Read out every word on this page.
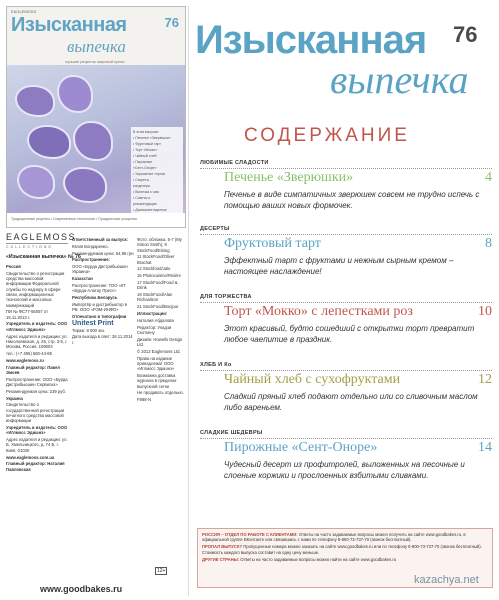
EAGLEMOSS
Изысканная	76
выпечка
лучшие рецепты мировой кухни
В этом выпуске:
• Печенье «Зверюшки»
• Фруктовый тарт
• Торт «Мокко»
• Чайный хлеб
• Пирожные
«Сент-Оноре»
• Украшение тортов
• Секреты
кондитера
• Выпечка к чаю
• Советы и
рекомендации
• Домашнее варенье
Традиционные рецепты • Современные технологии • Праздничные угощения
EAGLEMOSS
COLLECTIONS
«Изысканная выпечка» № 76

Россия

Свидетельство о регистрации средства массовой информации Федеральной службы по надзору в сфере связи, информационных технологий и массовых коммуникаций

ПИ № ФС77-56057 от 15.11.2013 г.

Учредитель и издатель: ООО «Иглмосс Эдишнз»

Адрес издателя и редакции: ул. Николоямская, д. 26, стр. 3-5, г. Москва, Россия, 109004

тел.: (+7 495) 660-44-85

www.eaglemoss.ru

Главный редактор: Павел Эмоев

Распространение: ООО «Бурда Дистрибьюшен Сервисиз»

Рекомендуемая цена: 239 руб.

Украина

Свидетельство о государственной регистрации печатного средства массовой информации

Учредитель и издатель: ООО «Иглмосс Эдишнз»

Адрес издателя и редакции: ул. Б. Хмельницкого, д. 74 Б, г. Киев, 01030

www.eaglemoss.com.ua

Главный редактор: Наталия Павловская

Ответственный за выпуск:

Юлия Бондаренко.

Рекомендуемая цена: 64,95 грн

Распространение:

ООО «Бурда Дистрибьюшен Украина»

Казахстан

Распространение: ТОО «КТ «Бурда-Алатау Пресс»

Республика Беларусь

Импортёр и дистрибьютор в РБ: ООО «РЭМ-ИНФО»

Отпечатано в типографии

Unitest Print

Тираж: 8 000 экз.

Дата выхода в свет: 26.11.2014 г.

Фото: обложка, 5-7 (My Simon Smith), 8 StockFood/Eising

11 StockFood/Oliver Brachat

12 Stockfood/Jalo

15 Photocuisine/Rivière

17 StockFood/Food & Drink

19 StockFood/Alan Richardson

21 StockFood/Bonjour

Иллюстрации:

Наталия Абдалова

Редактор: Уладзи Скоткену

Дизайн: Howells Design Ltd.

© 2013 Eaglemoss Ltd.

Права на издание принадлежат ООО «Иглмосс Эдишнз»

Возможна доставка журнала в пределах выпускной сетки

Не продавать отдельно.

F888-N

12+
www.goodbakes.ru
Изысканная 76
выпечка
СОДЕРЖАНИЕ
ЛЮБИМЫЕ СЛАДОСТИ
Печенье «Зверюшки»	4
Печенье в виде симпатичных зверюшек совсем не трудно испечь с помощью ваших новых формочек.
ДЕСЕРТЫ
Фруктовый тарт	8
Эффектный тарт с фруктами и нежным сырным кремом – настоящее наслаждение!
ДЛЯ ТОРЖЕСТВА
Торт «Мокко» с лепестками роз	10
Этот красивый, будто сошедший с открытки торт превратит любое чаепитие в праздник.
ХЛЕБ И Ко
Чайный хлеб с сухофруктами	12
Сладкий пряный хлеб подают отдельно или со сливочным маслом либо вареньем.
СЛАДКИЕ ШЕДЕВРЫ
Пирожные «Сент-Оноре»	14
Чудесный десерт из профитролей, выложенных на песочные и слоеные коржики и прослоенных взбитыми сливками.

РОССИЯ – ОТДЕЛ ПО РАБОТЕ С КЛИЕНТАМИ: Ответы на часто задаваемые вопросы можно получить на сайте www.goodbakes.ru, в официальной группе ВКонтакте или связавшись с нами по телефону 8-800-73-737-70 (звонок бесплатный).

ПРОПАЛ ВЫПУСК? Пропущенные номера можно заказать на сайте www.goodbakes.ru или по телефону 8-800-73-737-70 (звонок бесплатный). Стоимость каждого выпуска составит на одну цену меньше.

ДРУГИЕ СТРАНЫ: Ответы на часто задаваемые вопросы можно найти на сайте www.goodbakes.ru

kazachya.net
